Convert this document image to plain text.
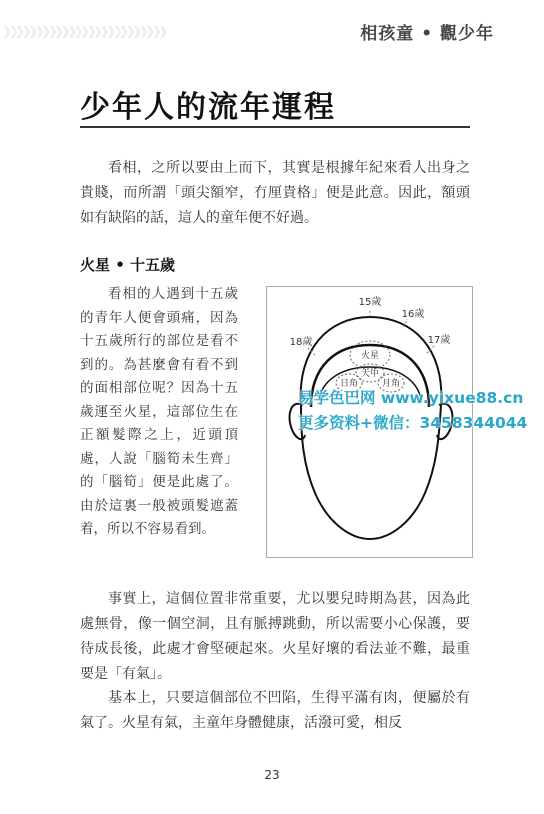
》》》》》》》》》》》》》》》》》》》》》》》》》	相孩童 • 觀少年
少年人的流年運程
看相，之所以要由上而下，其實是根據年紀來看人出身之貴賤，而所謂「頭尖額窄，冇厘貴格」便是此意。因此，額頭如有缺陷的話，這人的童年便不好過。
火星 • 十五歲
看相的人遇到十五歲的青年人便會頭痛，因為十五歲所行的部位是看不到的。為甚麼會有看不到的面相部位呢？因為十五歲運至火星，這部位生在正額髮際之上，近頭頂處，人說「腦筍未生齊」的「腦筍」便是此處了。由於這裏一般被頭髮遮蓋着，所以不容易看到。
15歲
16歲
17歲
18歲
火星
天中
日角	月角
易学色巴网 www.yixue88.cn
更多资料+微信：3458344044
事實上，這個位置非常重要，尤以嬰兒時期為甚，因為此處無骨，像一個空洞，且有脈搏跳動，所以需要小心保護，要待成長後，此處才會堅硬起來。火星好壞的看法並不難，最重要是「有氣」。
基本上，只要這個部位不凹陷，生得平滿有肉，便屬於有氣了。火星有氣，主童年身體健康，活潑可愛，相反
23
